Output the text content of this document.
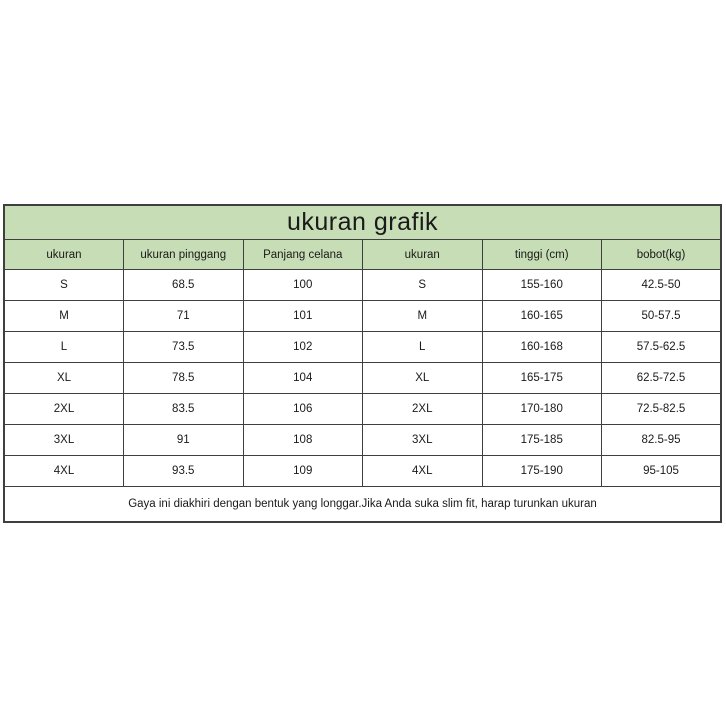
ukuran grafik					
ukuran	ukuran pinggang	Panjang celana	ukuran	tinggi (cm)	bobot(kg)
S	68.5	100	S	155-160	42.5-50
M	71	101	M	160-165	50-57.5
L	73.5	102	L	160-168	57.5-62.5
XL	78.5	104	XL	165-175	62.5-72.5
2XL	83.5	106	2XL	170-180	72.5-82.5
3XL	91	108	3XL	175-185	82.5-95
4XL	93.5	109	4XL	175-190	95-105
Gaya ini diakhiri dengan bentuk yang longgar.Jika Anda suka slim fit, harap turunkan ukuran					
